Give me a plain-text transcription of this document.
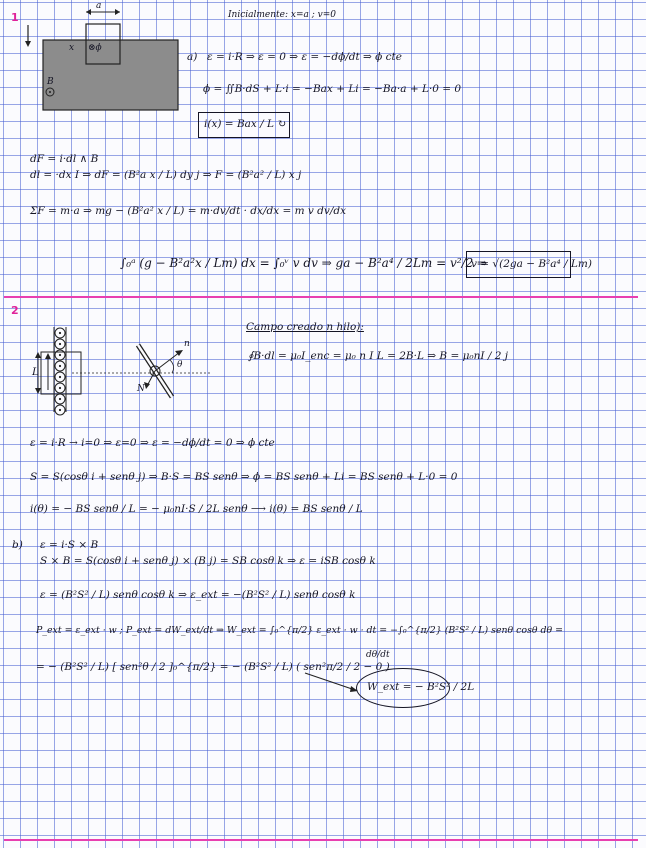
1	Inicialmente: x=a ; v=0
a
x ⊗ϕ
B
a) ε = i·R ⇒ ε = 0 ⇒ ε = −dϕ/dt ⇒ ϕ cte
ϕ = ∬B·dS + L·i = −Bax + Li = −Ba·a + L·0 = 0
i(x) = Bax / L ↻
dF = i·dl ∧ B
dl = ·dx I ⇒ dF = (B²a x / L) dy j ⇒ F = (B²a² / L) x j
ΣF = m·a ⇒ mg − (B²a² x / L) = m·dv/dt · dx/dx = m v dv/dx
∫₀ᵃ (g − B²a²x / Lm) dx = ∫₀ᵛ v dv ⇒ ga − B²a⁴ / 2Lm = v²/2 ⇒
v = √(2ga − B²a⁴ / Lm)
2
L
n
θ
N
Campo creado n hilo):
∮B·dl = μ₀I_enc = μ₀ n I L = 2B·L ⇒ B = μ₀nI / 2 j
ε = i·R → i=0 ⇒ ε=0 ⇒ ε = −dϕ/dt = 0 ⇒ ϕ cte
S = S(cosθ i + senθ j) ⇒ B·S = BS senθ ⇒ ϕ = BS senθ + Li = BS senθ + L·0 = 0
i(θ) = − BS senθ / L = − μ₀nI·S / 2L senθ ⟶ i(θ) = BS senθ / L
b) ε = i·S × B
S × B = S(cosθ i + senθ j) × (B j) = SB cosθ k ⇒ ε = iSB cosθ k
ε = (B²S² / L) senθ cosθ k ⇒ ε_ext = −(B²S² / L) senθ cosθ k
P_ext = ε_ext · w ; P_ext = dW_ext/dt ⇒ W_ext = ∫₀^{π/2} ε_ext · w · dt = −∫₀^{π/2} (B²S² / L) senθ cosθ dθ =
dθ/dt
= − (B²S² / L) [ sen²θ / 2 ]₀^{π/2} = − (B²S² / L) ( sen²π/2 / 2 − 0 )
W_ext = − B²S² / 2L
